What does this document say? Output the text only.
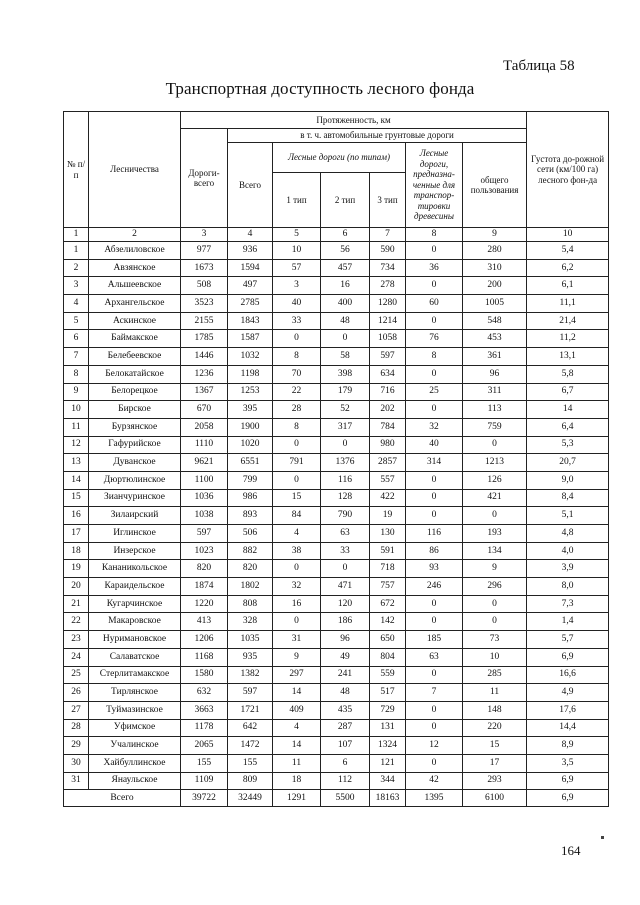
Таблица 58
Транспортная доступность лесного фонда
№ п/п	Лесничества	Протяженность, км							Густота до-рожной сети (км/100 га) лесного фон-да
		Дороги-всего	в т. ч. автомобильные грунтовые дороги						
			Всего	Лесные дороги (по типам)			Лесные дороги, предназна-ченные для транспор-тировки древесины	общего пользования	
				1 тип	2 тип	3 тип			
1	2	3	4	5	6	7	8	9	10
1	Абзелиловское	977	936	10	56	590	0	280	5,4
2	Авзянское	1673	1594	57	457	734	36	310	6,2
3	Альшеевское	508	497	3	16	278	0	200	6,1
4	Архангельское	3523	2785	40	400	1280	60	1005	11,1
5	Аскинское	2155	1843	33	48	1214	0	548	21,4
6	Баймакское	1785	1587	0	0	1058	76	453	11,2
7	Белебеевское	1446	1032	8	58	597	8	361	13,1
8	Белокатайское	1236	1198	70	398	634	0	96	5,8
9	Белорецкое	1367	1253	22	179	716	25	311	6,7
10	Бирское	670	395	28	52	202	0	113	14
11	Бурзянское	2058	1900	8	317	784	32	759	6,4
12	Гафурийское	1110	1020	0	0	980	40	0	5,3
13	Дуванское	9621	6551	791	1376	2857	314	1213	20,7
14	Дюртюлинское	1100	799	0	116	557	0	126	9,0
15	Зианчуринское	1036	986	15	128	422	0	421	8,4
16	Зилаирский	1038	893	84	790	19	0	0	5,1
17	Иглинское	597	506	4	63	130	116	193	4,8
18	Инзерское	1023	882	38	33	591	86	134	4,0
19	Кананикольское	820	820	0	0	718	93	9	3,9
20	Караидельское	1874	1802	32	471	757	246	296	8,0
21	Кугарчинское	1220	808	16	120	672	0	0	7,3
22	Макаровское	413	328	0	186	142	0	0	1,4
23	Нуримановское	1206	1035	31	96	650	185	73	5,7
24	Салаватское	1168	935	9	49	804	63	10	6,9
25	Стерлитамакское	1580	1382	297	241	559	0	285	16,6
26	Тирлянское	632	597	14	48	517	7	11	4,9
27	Туймазинское	3663	1721	409	435	729	0	148	17,6
28	Уфимское	1178	642	4	287	131	0	220	14,4
29	Учалинское	2065	1472	14	107	1324	12	15	8,9
30	Хайбуллинское	155	155	11	6	121	0	17	3,5
31	Янаульское	1109	809	18	112	344	42	293	6,9
Всего		39722	32449	1291	5500	18163	1395	6100	6,9
164
